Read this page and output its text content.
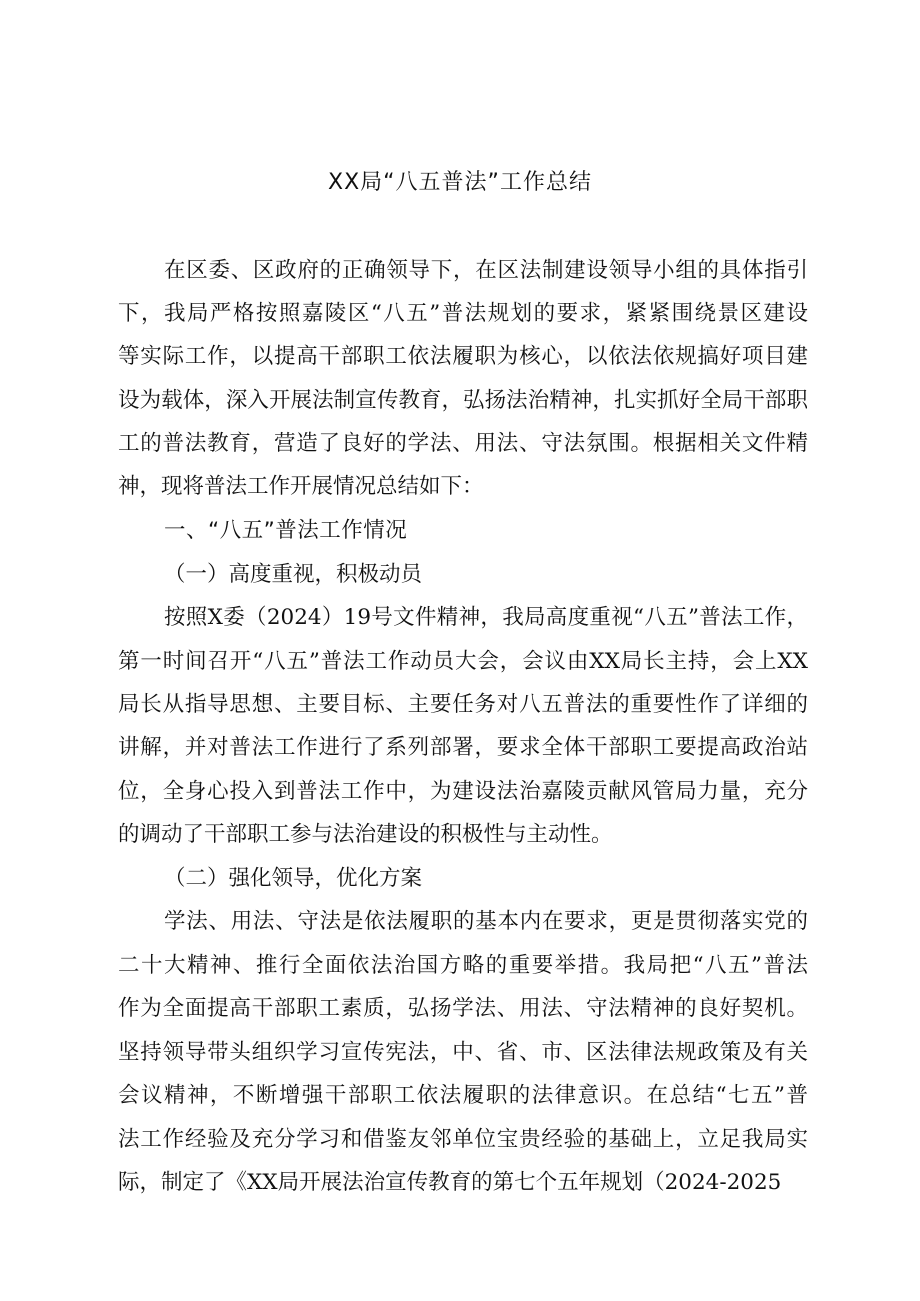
XX局“八五普法”工作总结
在区委、区政府的正确领导下，在区法制建设领导小组的具体指引
下，我局严格按照嘉陵区“八五”普法规划的要求，紧紧围绕景区建设
等实际工作，以提高干部职工依法履职为核心，以依法依规搞好项目建
设为载体，深入开展法制宣传教育，弘扬法治精神，扎实抓好全局干部职
工的普法教育，营造了良好的学法、用法、守法氛围。根据相关文件精
神，现将普法工作开展情况总结如下：
一、“八五”普法工作情况
（一）高度重视，积极动员
按照X委（2024）19号文件精神，我局高度重视“八五”普法工作，
第一时间召开“八五”普法工作动员大会，会议由XX局长主持，会上XX
局长从指导思想、主要目标、主要任务对八五普法的重要性作了详细的
讲解，并对普法工作进行了系列部署，要求全体干部职工要提高政治站
位，全身心投入到普法工作中，为建设法治嘉陵贡献风管局力量，充分
的调动了干部职工参与法治建设的积极性与主动性。
（二）强化领导，优化方案
学法、用法、守法是依法履职的基本内在要求，更是贯彻落实党的
二十大精神、推行全面依法治国方略的重要举措。我局把“八五”普法
作为全面提高干部职工素质，弘扬学法、用法、守法精神的良好契机。
坚持领导带头组织学习宣传宪法，中、省、市、区法律法规政策及有关
会议精神，不断增强干部职工依法履职的法律意识。在总结“七五”普
法工作经验及充分学习和借鉴友邻单位宝贵经验的基础上，立足我局实
际，制定了《XX局开展法治宣传教育的第七个五年规划（2024-2025
